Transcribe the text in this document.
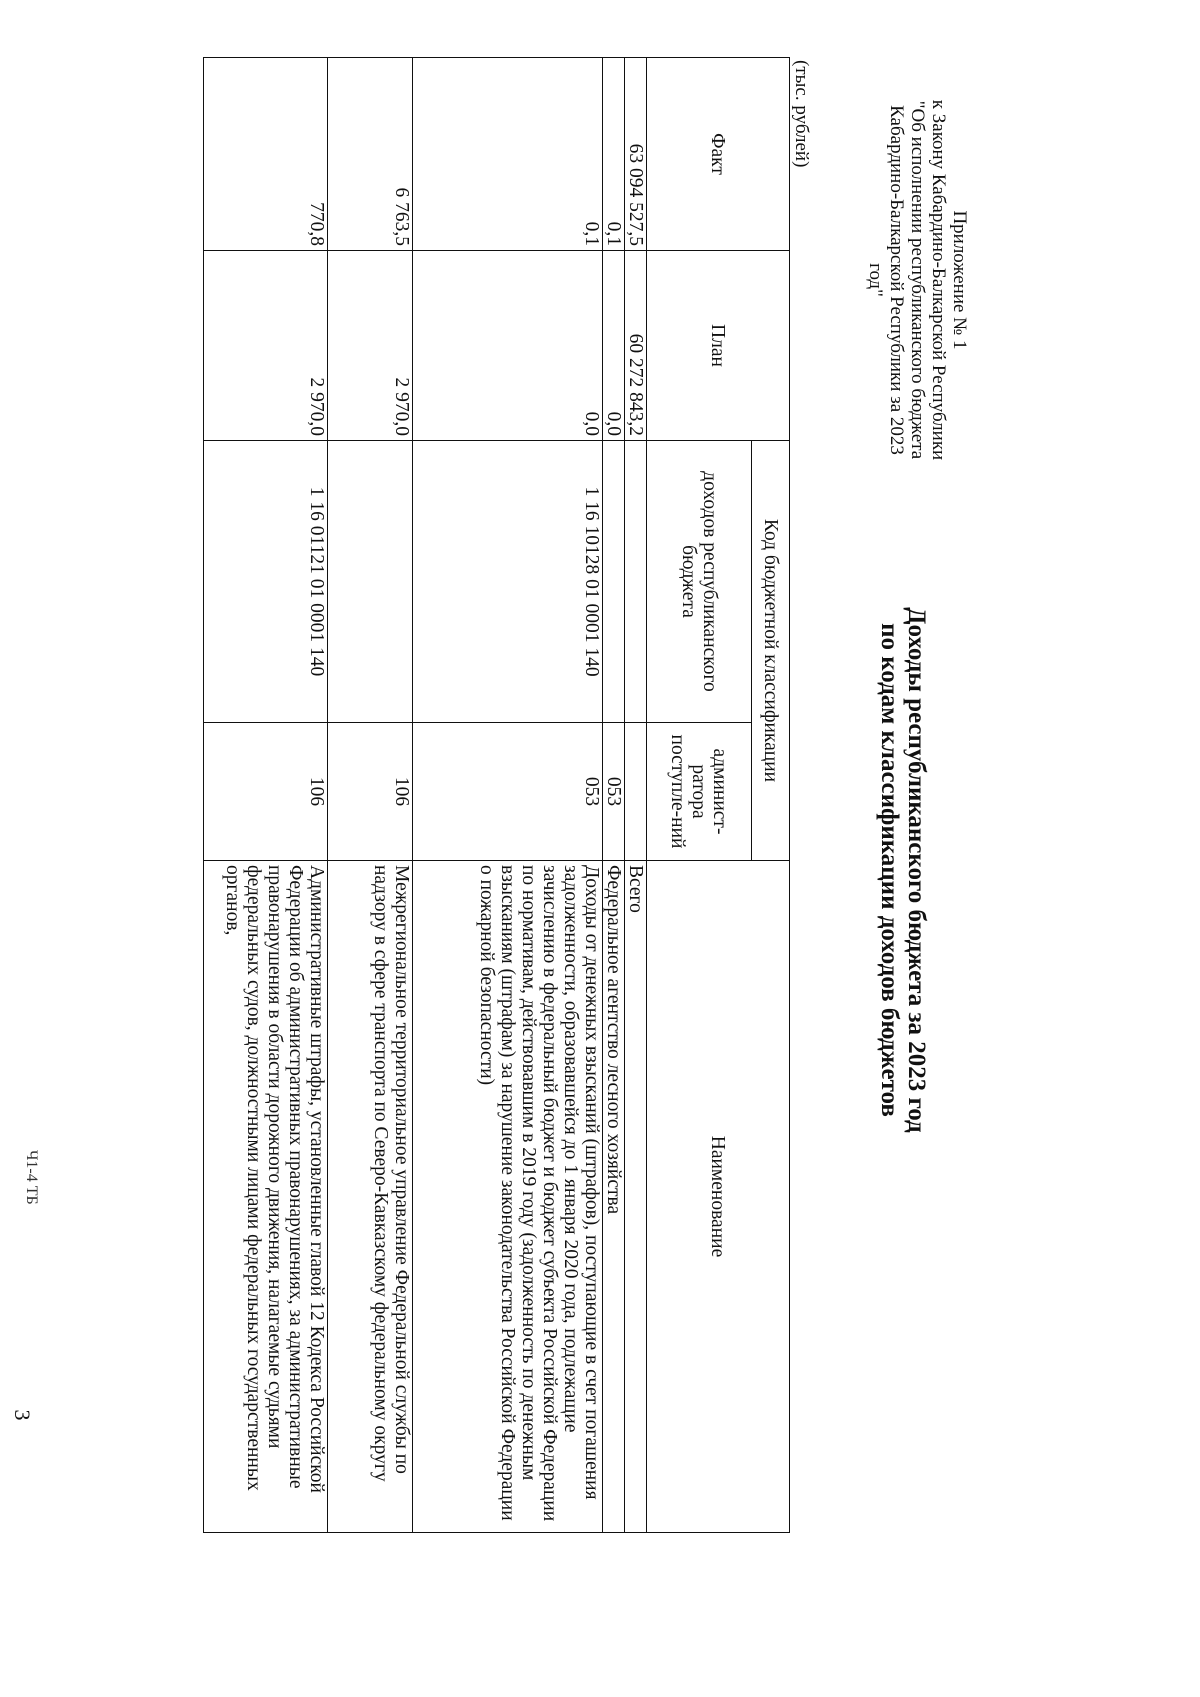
3
Ч1-4 ТБ
Приложение № 1
к Закону Кабардино-Балкарской Республики
"Об исполнении республиканского бюджета
Кабардино-Балкарской Республики за 2023 год"
Доходы республиканского бюджета за 2023 год
по кодам классификации доходов бюджетов
(тыс. рублей)
Факт	План	Код бюджетной классификации		Наименование
		доходов республиканского бюджета	админист-ратора поступле-ний	
63 094 527,5	60 272 843,2			Всего
0,1	0,0		053	Федеральное агентство лесного хозяйства
0,1	0,0	1 16 10128 01 0001 140	053	Доходы от денежных взысканий (штрафов), поступающие в счет погашения задолженности, образовавшейся до 1 января 2020 года, подлежащие зачислению в федеральный бюджет и бюджет субъекта Российской Федерации по нормативам, действовавшим в 2019 году (задолженность по денежным взысканиям (штрафам) за нарушение законодательства Российской Федерации о пожарной безопасности)
6 763,5	2 970,0		106	Межрегиональное территориальное управление Федеральной службы по надзору в сфере транспорта по Северо-Кавказскому федеральному округу
770,8	2 970,0	1 16 01121 01 0001 140	106	Административные штрафы, установленные главой 12 Кодекса Российской Федерации об административных правонарушениях, за административные правонарушения в области дорожного движения, налагаемые судьями федеральных судов, должностными лицами федеральных государственных органов,
